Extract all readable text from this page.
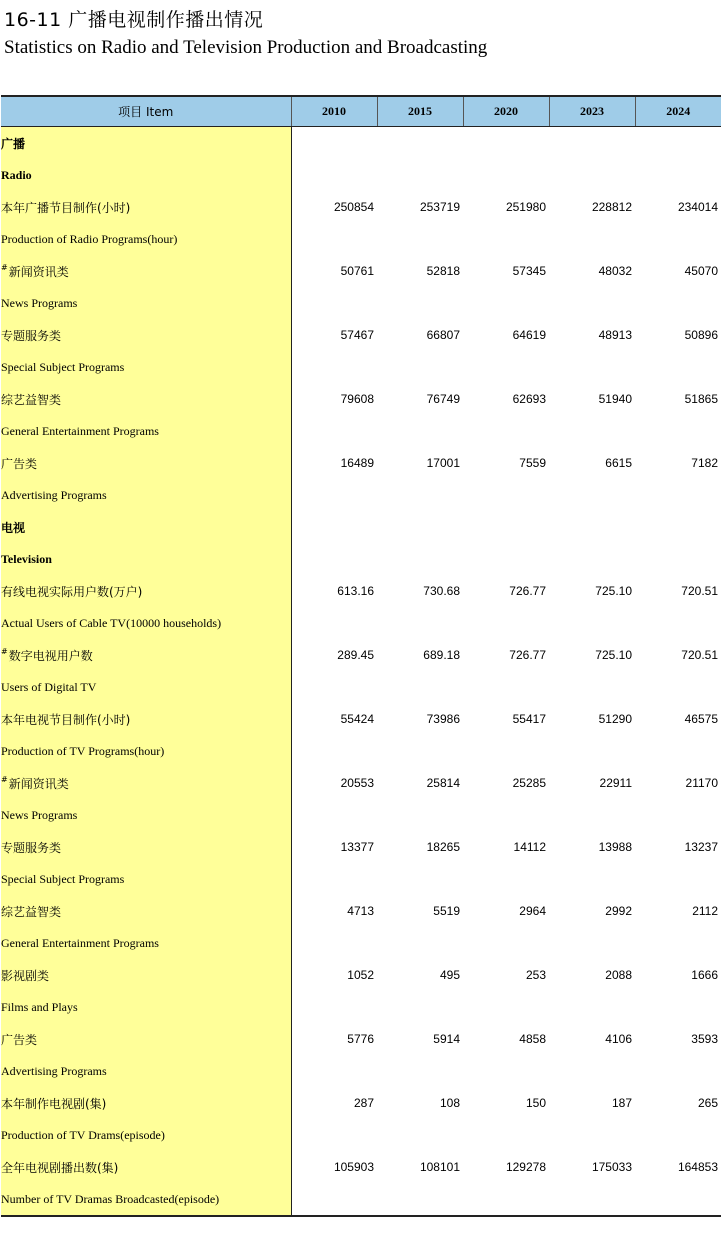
16-11 广播电视制作播出情况
Statistics on Radio and Television Production and Broadcasting
项目 Item	2010	2015	2020	2023	2024
广播					
Radio					
本年广播节目制作(小时)	250854	253719	251980	228812	234014
Production of Radio Programs(hour)					
#新闻资讯类	50761	52818	57345	48032	45070
News Programs					
专题服务类	57467	66807	64619	48913	50896
Special Subject Programs					
综艺益智类	79608	76749	62693	51940	51865
General Entertainment Programs					
广告类	16489	17001	7559	6615	7182
Advertising Programs					
电视					
Television					
有线电视实际用户数(万户)	613.16	730.68	726.77	725.10	720.51
Actual Users of Cable TV(10000 households)					
#数字电视用户数	289.45	689.18	726.77	725.10	720.51
Users of Digital TV					
本年电视节目制作(小时)	55424	73986	55417	51290	46575
Production of TV Programs(hour)					
#新闻资讯类	20553	25814	25285	22911	21170
News Programs					
专题服务类	13377	18265	14112	13988	13237
Special Subject Programs					
综艺益智类	4713	5519	2964	2992	2112
General Entertainment Programs					
影视剧类	1052	495	253	2088	1666
Films and Plays					
广告类	5776	5914	4858	4106	3593
Advertising Programs					
本年制作电视剧(集)	287	108	150	187	265
Production of TV Drams(episode)					
全年电视剧播出数(集)	105903	108101	129278	175033	164853
Number of TV Dramas Broadcasted(episode)					
